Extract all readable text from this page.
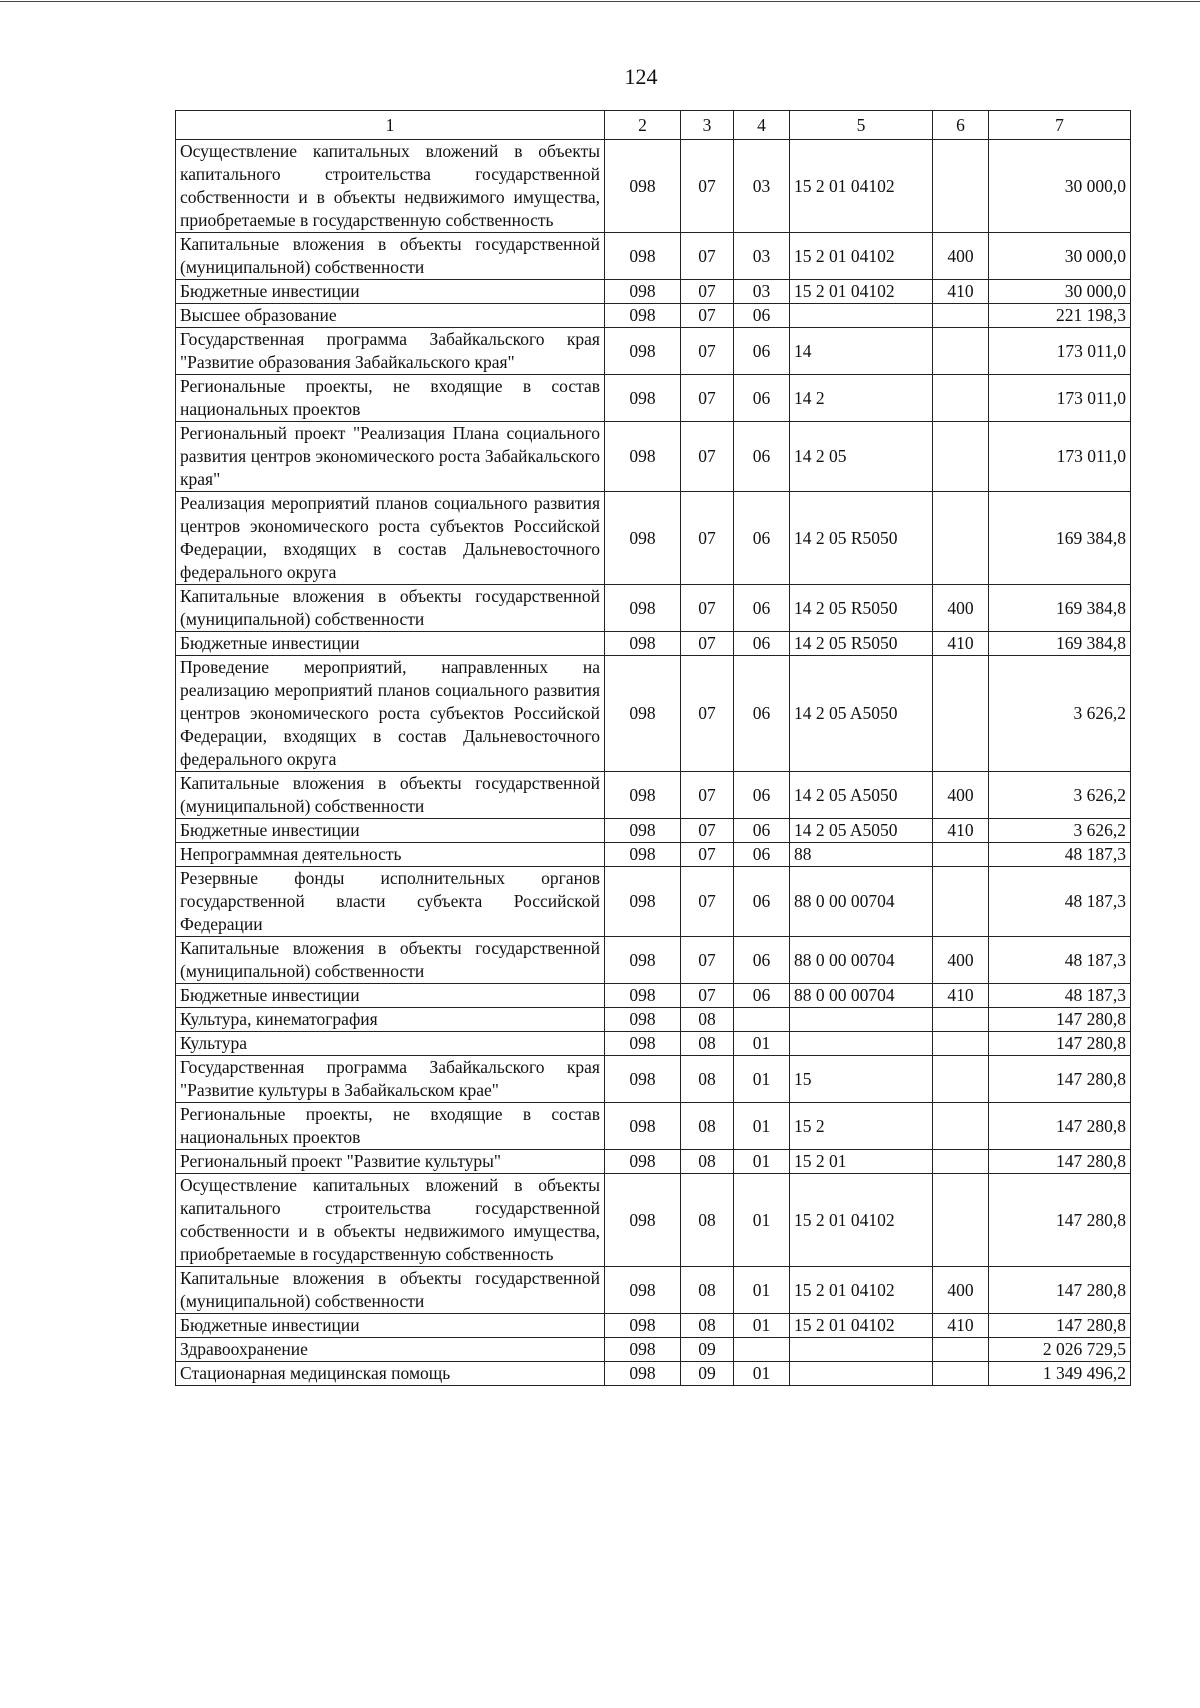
124
1	2	3	4	5	6	7
Осуществление капитальных вложений в объекты капитального строительства государственной собственности и в объекты недвижимого имущества, приобретаемые в государственную собственность	098	07	03	15 2 01 04102		30 000,0
Капитальные вложения в объекты государственной (муниципальной) собственности	098	07	03	15 2 01 04102	400	30 000,0
Бюджетные инвестиции	098	07	03	15 2 01 04102	410	30 000,0
Высшее образование	098	07	06			221 198,3
Государственная программа Забайкальского края "Развитие образования Забайкальского края"	098	07	06	14		173 011,0
Региональные проекты, не входящие в состав национальных проектов	098	07	06	14 2		173 011,0
Региональный проект "Реализация Плана социального развития центров экономического роста Забайкальского края"	098	07	06	14 2 05		173 011,0
Реализация мероприятий планов социального развития центров экономического роста субъектов Российской Федерации, входящих в состав Дальневосточного федерального округа	098	07	06	14 2 05 R5050		169 384,8
Капитальные вложения в объекты государственной (муниципальной) собственности	098	07	06	14 2 05 R5050	400	169 384,8
Бюджетные инвестиции	098	07	06	14 2 05 R5050	410	169 384,8
Проведение мероприятий, направленных на реализацию мероприятий планов социального развития центров экономического роста субъектов Российской Федерации, входящих в состав Дальневосточного федерального округа	098	07	06	14 2 05 A5050		3 626,2
Капитальные вложения в объекты государственной (муниципальной) собственности	098	07	06	14 2 05 A5050	400	3 626,2
Бюджетные инвестиции	098	07	06	14 2 05 A5050	410	3 626,2
Непрограммная деятельность	098	07	06	88		48 187,3
Резервные фонды исполнительных органов государственной власти субъекта Российской Федерации	098	07	06	88 0 00 00704		48 187,3
Капитальные вложения в объекты государственной (муниципальной) собственности	098	07	06	88 0 00 00704	400	48 187,3
Бюджетные инвестиции	098	07	06	88 0 00 00704	410	48 187,3
Культура, кинематография	098	08				147 280,8
Культура	098	08	01			147 280,8
Государственная программа Забайкальского края "Развитие культуры в Забайкальском крае"	098	08	01	15		147 280,8
Региональные проекты, не входящие в состав национальных проектов	098	08	01	15 2		147 280,8
Региональный проект "Развитие культуры"	098	08	01	15 2 01		147 280,8
Осуществление капитальных вложений в объекты капитального строительства государственной собственности и в объекты недвижимого имущества, приобретаемые в государственную собственность	098	08	01	15 2 01 04102		147 280,8
Капитальные вложения в объекты государственной (муниципальной) собственности	098	08	01	15 2 01 04102	400	147 280,8
Бюджетные инвестиции	098	08	01	15 2 01 04102	410	147 280,8
Здравоохранение	098	09				2 026 729,5
Стационарная медицинская помощь	098	09	01			1 349 496,2
